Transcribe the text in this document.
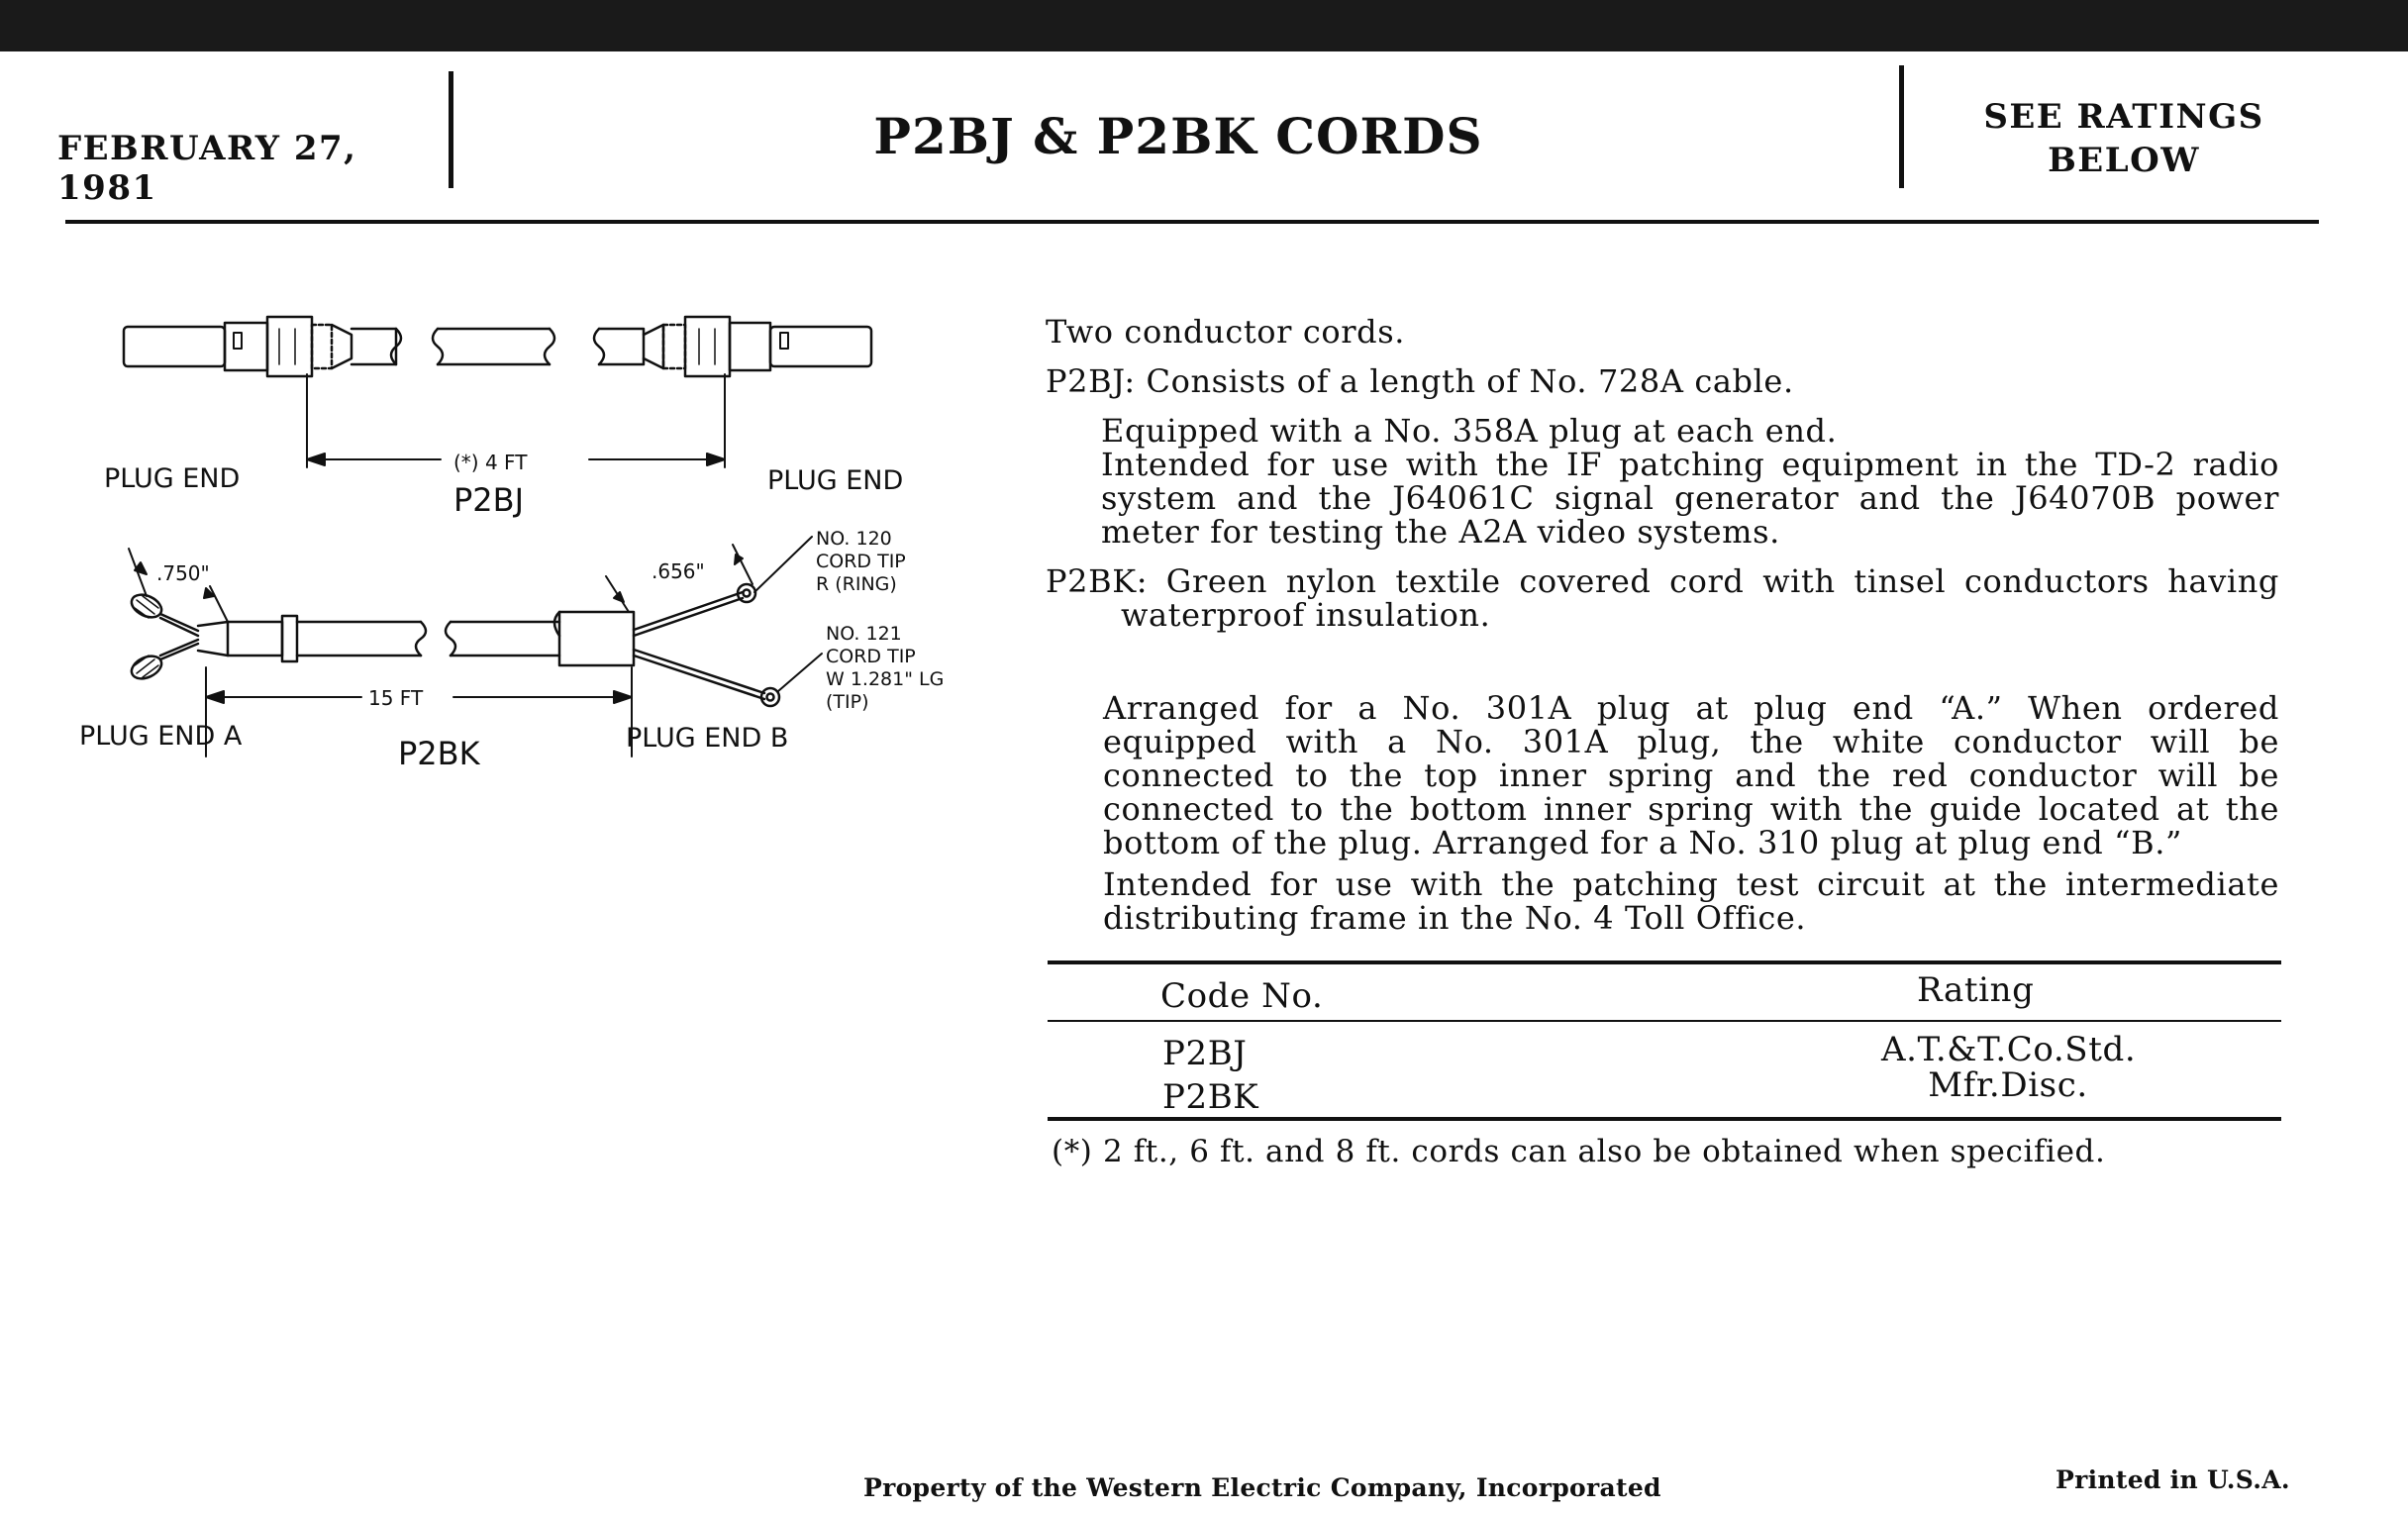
FEBRUARY 27, 1981
P2BJ & P2BK CORDS	SEE RATINGS
BELOW
PLUG END	PLUG END
(*) 4 FT
P2BJ
.750"	.656"
NO. 120
CORD TIP
R (RING)
NO. 121
CORD TIP
W 1.281" LG
(TIP)
15 FT
PLUG END A	PLUG END B
P2BK
Two conductor cords.
P2BJ: Consists of a length of No. 728A cable.
Equipped with a No. 358A plug at each end.
Intended for use with the IF patching equipment in the TD-2 radio system and the J64061C signal generator and the J64070B power meter for testing the A2A video systems.
P2BK: Green nylon textile covered cord with tinsel conductors having
waterproof insulation.
Arranged for a No. 301A plug at plug end “A.” When ordered equipped with a No. 301A plug, the white conductor will be connected to the top inner spring and the red conductor will be connected to the bottom inner spring with the guide located at the bottom of the plug. Arranged for a No. 310 plug at plug end “B.”
Intended for use with the patching test circuit at the intermediate distributing frame in the No. 4 Toll Office.
Code No.	Rating
P2BJ	A.T.&T.Co.Std.
P2BK	Mfr.Disc.
(*) 2 ft., 6 ft. and 8 ft. cords can also be obtained when specified.
Property of the Western Electric Company, Incorporated	Printed in U.S.A.
